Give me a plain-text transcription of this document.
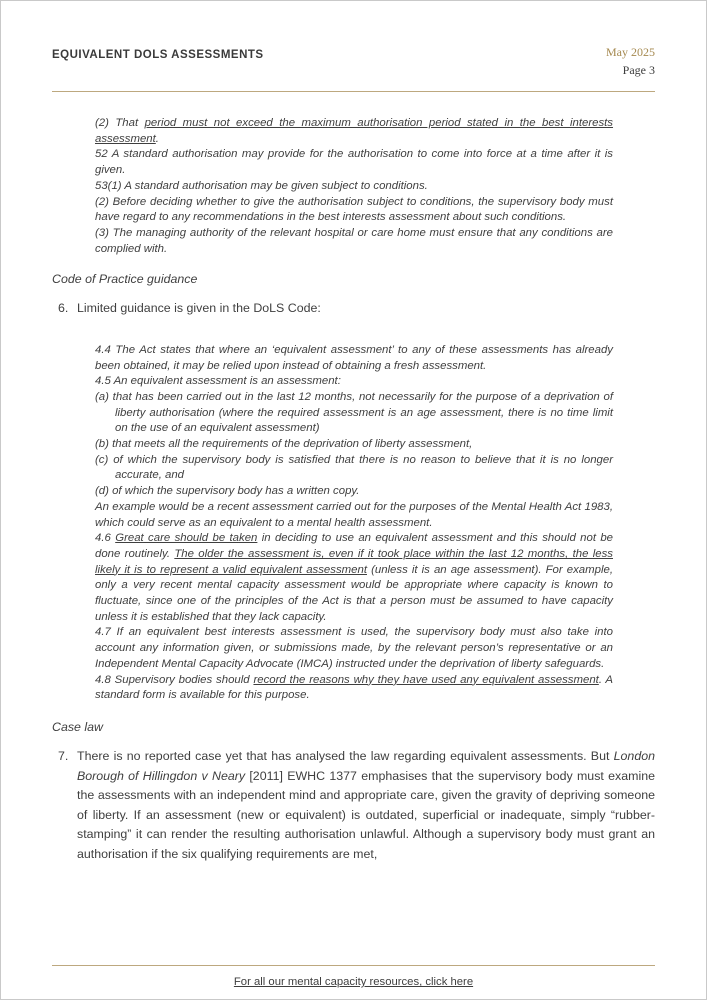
EQUIVALENT DOLS ASSESSMENTS	May 2025
Page 3

(2) That period must not exceed the maximum authorisation period stated in the best interests assessment.

52 A standard authorisation may provide for the authorisation to come into force at a time after it is given.

53(1) A standard authorisation may be given subject to conditions.

(2) Before deciding whether to give the authorisation subject to conditions, the supervisory body must have regard to any recommendations in the best interests assessment about such conditions.

(3) The managing authority of the relevant hospital or care home must ensure that any conditions are complied with.

Code of Practice guidance
6. Limited guidance is given in the DoLS Code:

4.4 The Act states that where an ‘equivalent assessment’ to any of these assessments has already been obtained, it may be relied upon instead of obtaining a fresh assessment.

4.5 An equivalent assessment is an assessment:

(a) that has been carried out in the last 12 months, not necessarily for the purpose of a deprivation of liberty authorisation (where the required assessment is an age assessment, there is no time limit on the use of an equivalent assessment)

(b) that meets all the requirements of the deprivation of liberty assessment,

(c) of which the supervisory body is satisfied that there is no reason to believe that it is no longer accurate, and

(d) of which the supervisory body has a written copy.

An example would be a recent assessment carried out for the purposes of the Mental Health Act 1983, which could serve as an equivalent to a mental health assessment.

4.6 Great care should be taken in deciding to use an equivalent assessment and this should not be done routinely. The older the assessment is, even if it took place within the last 12 months, the less likely it is to represent a valid equivalent assessment (unless it is an age assessment). For example, only a very recent mental capacity assessment would be appropriate where capacity is known to fluctuate, since one of the principles of the Act is that a person must be assumed to have capacity unless it is established that they lack capacity.

4.7 If an equivalent best interests assessment is used, the supervisory body must also take into account any information given, or submissions made, by the relevant person’s representative or an Independent Mental Capacity Advocate (IMCA) instructed under the deprivation of liberty safeguards.

4.8 Supervisory bodies should record the reasons why they have used any equivalent assessment. A standard form is available for this purpose.

Case law
7. There is no reported case yet that has analysed the law regarding equivalent assessments. But London Borough of Hillingdon v Neary [2011] EWHC 1377 emphasises that the supervisory body must examine the assessments with an independent mind and appropriate care, given the gravity of depriving someone of liberty. If an assessment (new or equivalent) is outdated, superficial or inadequate, simply “rubber-stamping” it can render the resulting authorisation unlawful. Although a supervisory body must grant an authorisation if the six qualifying requirements are met,

For all our mental capacity resources, click here
